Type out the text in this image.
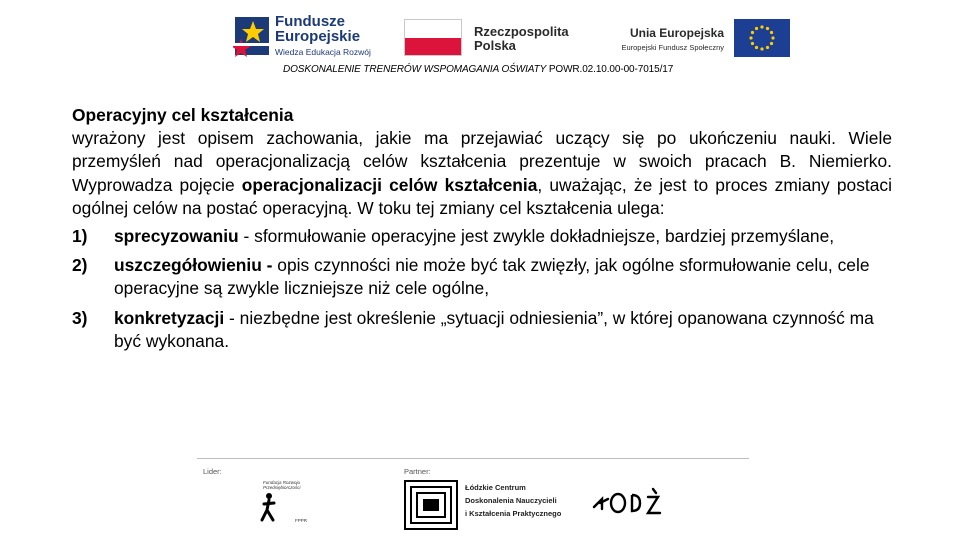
Fundusze
Europejskie
Wiedza Edukacja Rozwój
Rzeczpospolita
Polska
Unia Europejska
Europejski Fundusz Społeczny
DOSKONALENIE TRENERÓW WSPOMAGANIA OŚWIATY POWR.02.10.00-00-7015/17
Operacyjny cel kształcenia

wyrażony jest opisem zachowania, jakie ma przejawiać uczący się po ukończeniu nauki. Wiele przemyśleń nad operacjonalizacją celów kształcenia prezentuje w swoich pracach B. Niemierko. Wyprowadza pojęcie operacjonalizacji celów kształcenia, uważając, że jest to proces zmiany postaci ogólnej celów na postać operacyjną. W toku tej zmiany cel kształcenia ulega:

1) sprecyzowaniu - sformułowanie operacyjne jest zwykle dokładniejsze, bardziej przemyślane,
2) uszczegółowieniu - opis czynności nie może być tak zwięzły, jak ogólne sformułowanie celu, cele operacyjne są zwykle liczniejsze niż cele ogólne,
3) konkretyzacji - niezbędne jest określenie „sytuacji odniesienia”, w której opanowana czynność ma być wykonana.
Lider:	Partner:
Fundacja Rozwoju Przedsiębiorczości
FPPR
Łódzkie Centrum
Doskonalenia Nauczycieli
i Kształcenia Praktycznego
